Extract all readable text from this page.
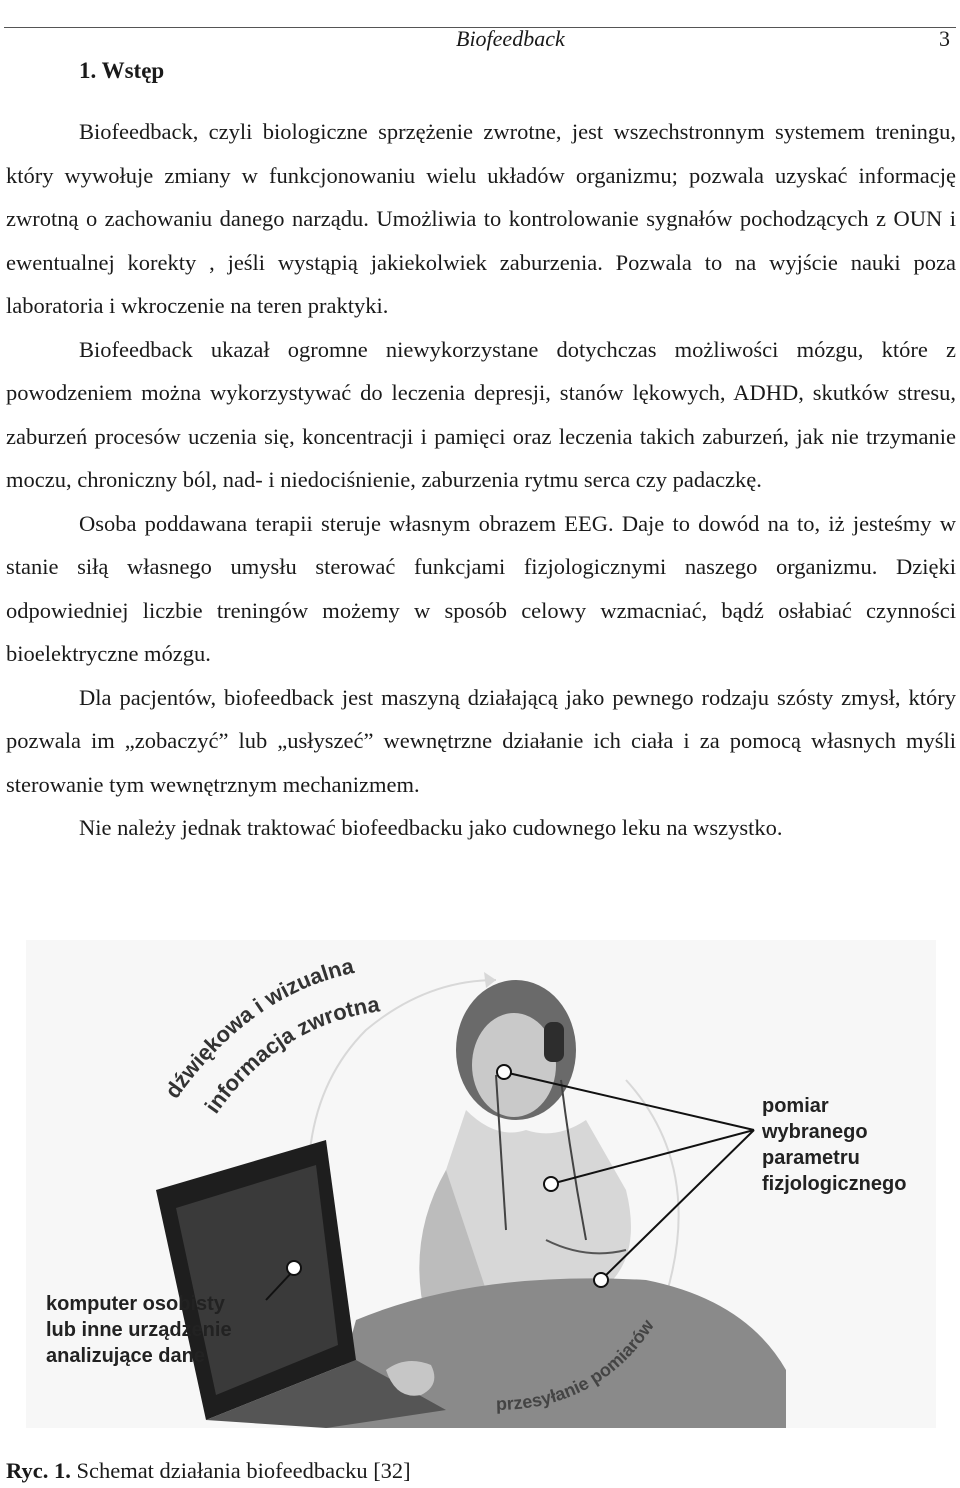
Biofeedback	3
1. Wstęp

Biofeedback, czyli biologiczne sprzężenie zwrotne, jest wszechstronnym systemem treningu, który wywołuje zmiany w funkcjonowaniu wielu układów organizmu; pozwala uzyskać informację zwrotną o zachowaniu danego narządu. Umożliwia to kontrolowanie sygnałów pochodzących z OUN i ewentualnej korekty , jeśli wystąpią jakiekolwiek zaburzenia. Pozwala to na wyjście nauki poza laboratoria i wkroczenie na teren praktyki.

Biofeedback ukazał ogromne niewykorzystane dotychczas możliwości mózgu, które z powodzeniem można wykorzystywać do leczenia depresji, stanów lękowych, ADHD, skutków stresu, zaburzeń procesów uczenia się, koncentracji i pamięci oraz leczenia takich zaburzeń, jak nie trzymanie moczu, chroniczny ból, nad- i niedociśnienie, zaburzenia rytmu serca czy padaczkę.

Osoba poddawana terapii steruje własnym obrazem EEG. Daje to dowód na to, iż jesteśmy w stanie siłą własnego umysłu sterować funkcjami fizjologicznymi naszego organizmu. Dzięki odpowiedniej liczbie treningów możemy w sposób celowy wzmacniać, bądź osłabiać czynności bioelektryczne mózgu.

Dla pacjentów, biofeedback jest maszyną działającą jako pewnego rodzaju szósty zmysł, który pozwala im „zobaczyć” lub „usłyszeć” wewnętrzne działanie ich ciała i za pomocą własnych myśli sterowanie tym wewnętrznym mechanizmem.

Nie należy jednak traktować biofeedbacku jako cudownego leku na wszystko.

dźwiękowa i wizualna
informacja zwrotna
pomiar
wybranego
parametru
fizjologicznego
komputer osobisty
lub inne urządzenie
analizujące dane
przesyłanie pomiarów
Ryc. 1. Schemat działania biofeedbacku [32]
